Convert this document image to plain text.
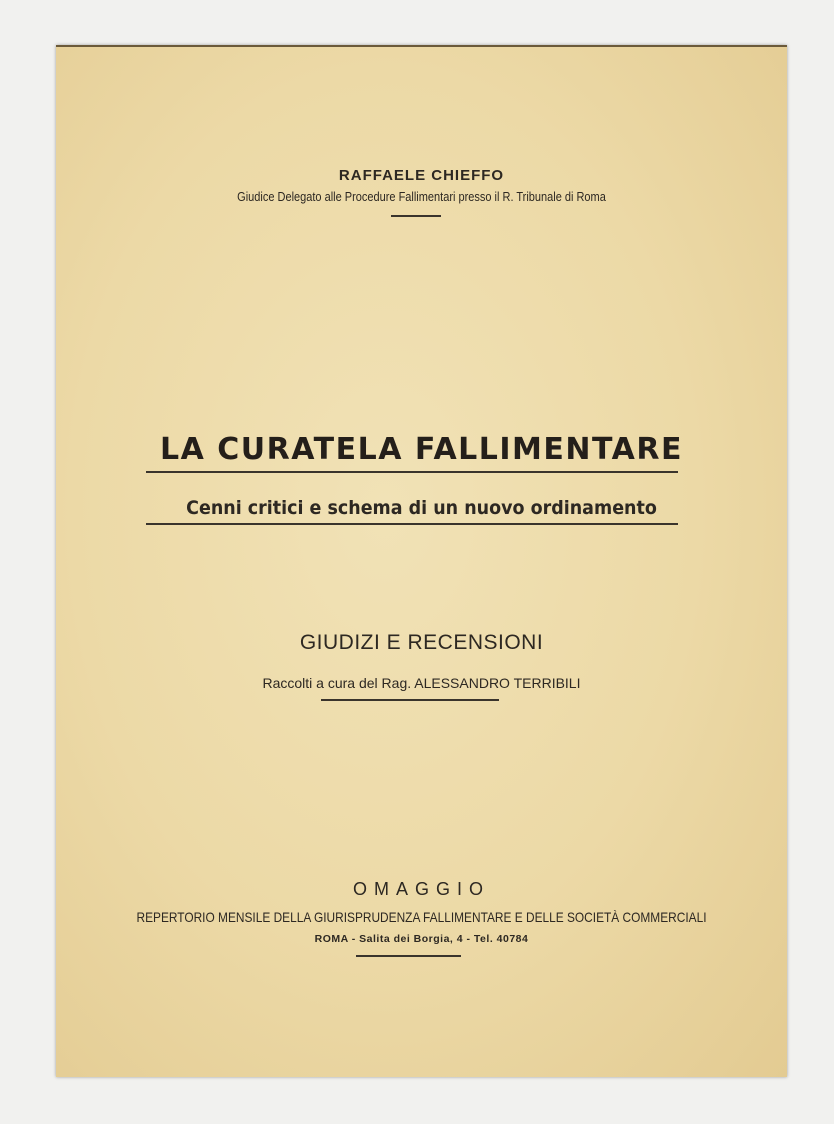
RAFFAELE CHIEFFO
Giudice Delegato alle Procedure Fallimentari presso il R. Tribunale di Roma
LA CURATELA FALLIMENTARE
Cenni critici e schema di un nuovo ordinamento
GIUDIZI E RECENSIONI
Raccolti a cura del Rag. ALESSANDRO TERRIBILI
OMAGGIO
REPERTORIO MENSILE DELLA GIURISPRUDENZA FALLIMENTARE E DELLE SOCIETÀ COMMERCIALI
ROMA - Salita dei Borgia, 4 - Tel. 40784
